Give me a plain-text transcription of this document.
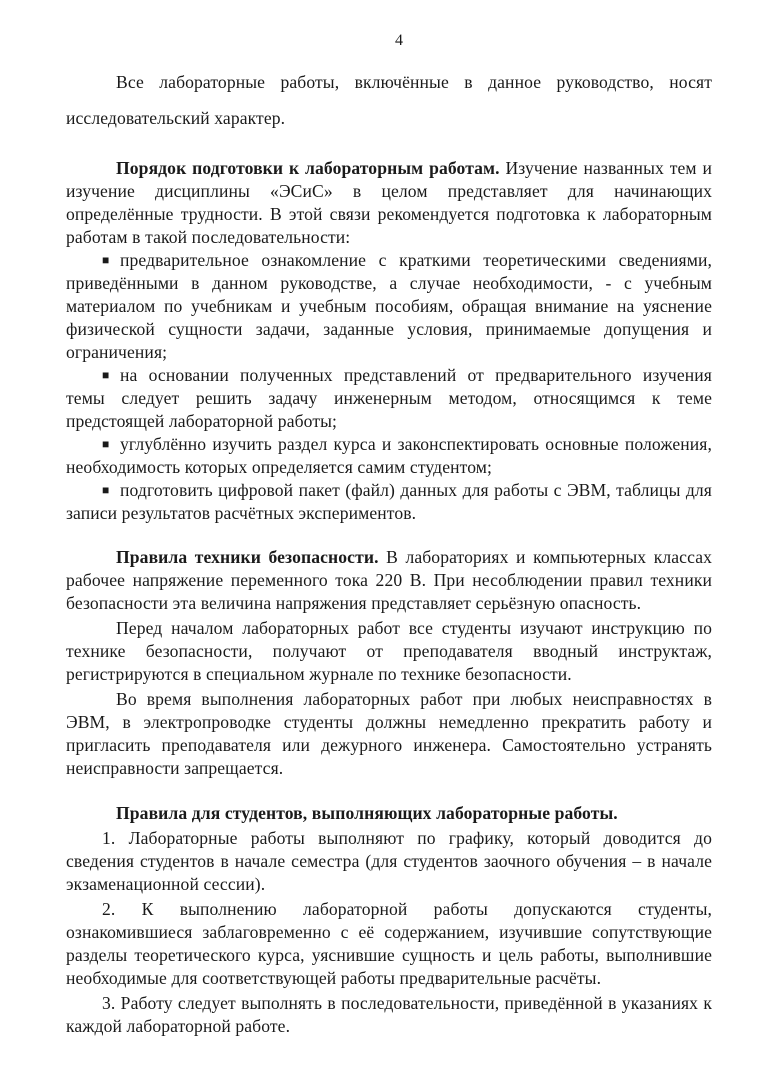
4

Все лабораторные работы, включённые в данное руководство, носят исследовательский характер.

Порядок подготовки к лабораторным работам. Изучение названных тем и изучение дисциплины «ЭСиС» в целом представляет для начинающих определённые трудности. В этой связи рекомендуется подготовка к лабораторным работам в такой последовательности:

■ предварительное ознакомление с краткими теоретическими сведениями, приведёнными в данном руководстве, а случае необходимости, - с учебным материалом по учебникам и учебным пособиям, обращая внимание на уяснение физической сущности задачи, заданные условия, принимаемые допущения и ограничения;

■ на основании полученных представлений от предварительного изучения темы следует решить задачу инженерным методом, относящимся к теме предстоящей лабораторной работы;

■ углублённо изучить раздел курса и законспектировать основные положения, необходимость которых определяется самим студентом;

■ подготовить цифровой пакет (файл) данных для работы с ЭВМ, таблицы для записи результатов расчётных экспериментов.

Правила техники безопасности. В лабораториях и компьютерных классах рабочее напряжение переменного тока 220 В. При несоблюдении правил техники безопасности эта величина напряжения представляет серьёзную опасность.

Перед началом лабораторных работ все студенты изучают инструкцию по технике безопасности, получают от преподавателя вводный инструктаж, регистрируются в специальном журнале по технике безопасности.

Во время выполнения лабораторных работ при любых неисправностях в ЭВМ, в электропроводке студенты должны немедленно прекратить работу и пригласить преподавателя или дежурного инженера. Самостоятельно устранять неисправности запрещается.

Правила для студентов, выполняющих лабораторные работы.

1. Лабораторные работы выполняют по графику, который доводится до сведения студентов в начале семестра (для студентов заочного обучения – в начале экзаменационной сессии).

2. К выполнению лабораторной работы допускаются студенты, ознакомившиеся заблаговременно с её содержанием, изучившие сопутствующие разделы теоретического курса, уяснившие сущность и цель работы, выполнившие необходимые для соответствующей работы предварительные расчёты.

3. Работу следует выполнять в последовательности, приведённой в указаниях к каждой лабораторной работе.
